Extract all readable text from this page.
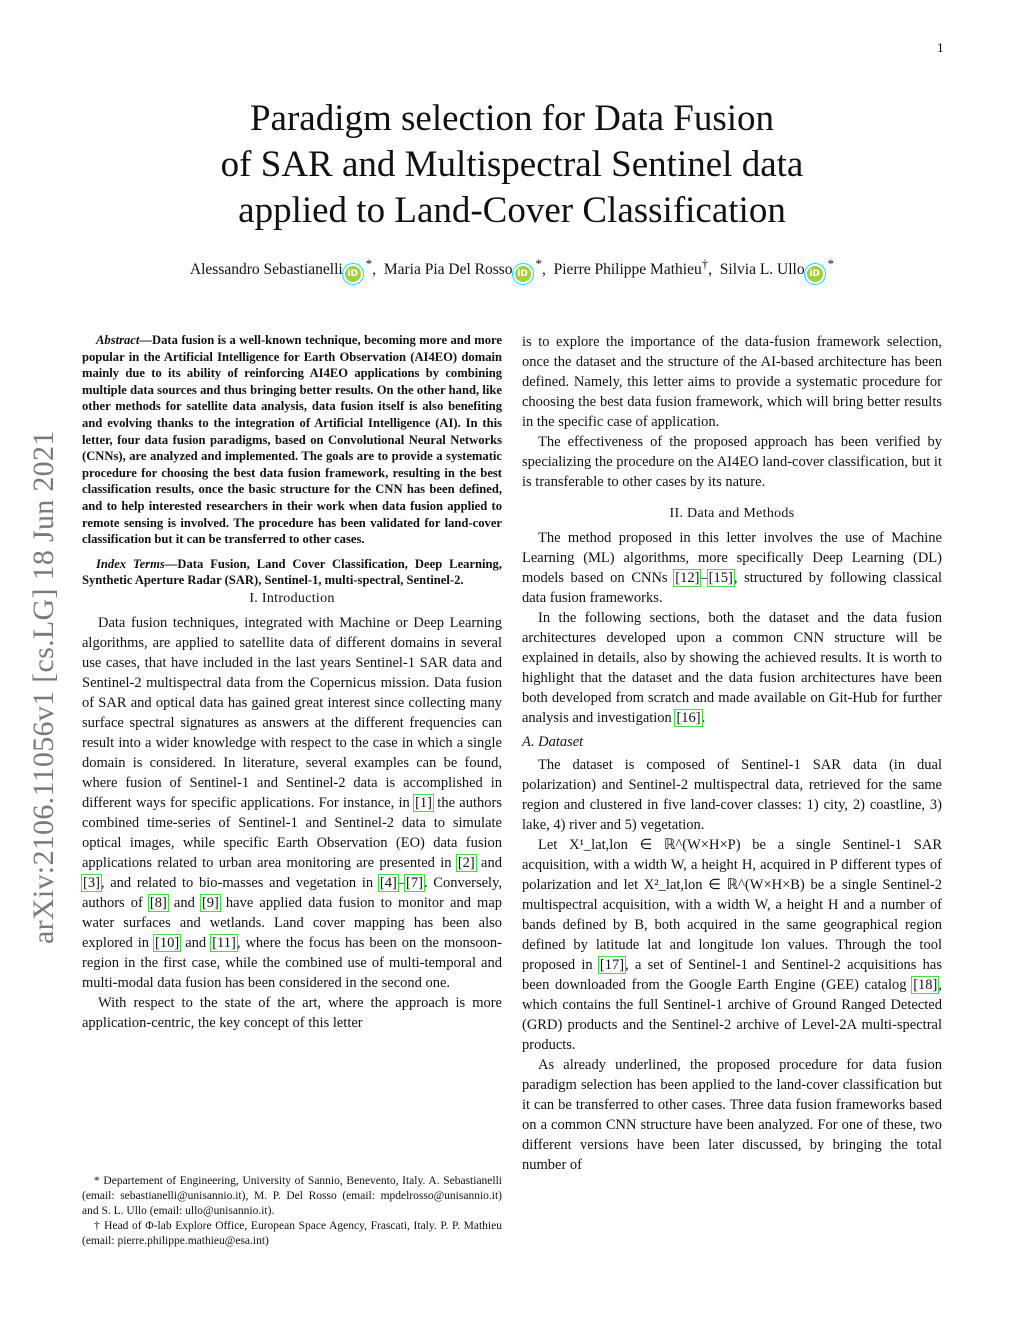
1
arXiv:2106.11056v1 [cs.LG] 18 Jun 2021
Paradigm selection for Data Fusion
of SAR and Multispectral Sentinel data
applied to Land-Cover Classification
Alessandro Sebastianelli iD*,  Maria Pia Del Rosso iD*,  Pierre Philippe Mathieu†,  Silvia L. Ullo iD*

Abstract—Data fusion is a well-known technique, becoming more and more popular in the Artificial Intelligence for Earth Observation (AI4EO) domain mainly due to its ability of reinforcing AI4EO applications by combining multiple data sources and thus bringing better results. On the other hand, like other methods for satellite data analysis, data fusion itself is also benefiting and evolving thanks to the integration of Artificial Intelligence (AI). In this letter, four data fusion paradigms, based on Convolutional Neural Networks (CNNs), are analyzed and implemented. The goals are to provide a systematic procedure for choosing the best data fusion framework, resulting in the best classification results, once the basic structure for the CNN has been defined, and to help interested researchers in their work when data fusion applied to remote sensing is involved. The procedure has been validated for land-cover classification but it can be transferred to other cases.

Index Terms—Data Fusion, Land Cover Classification, Deep Learning, Synthetic Aperture Radar (SAR), Sentinel-1, multi-spectral, Sentinel-2.

I. Introduction

Data fusion techniques, integrated with Machine or Deep Learning algorithms, are applied to satellite data of different domains in several use cases, that have included in the last years Sentinel-1 SAR data and Sentinel-2 multispectral data from the Copernicus mission. Data fusion of SAR and optical data has gained great interest since collecting many surface spectral signatures as answers at the different frequencies can result into a wider knowledge with respect to the case in which a single domain is considered. In literature, several examples can be found, where fusion of Sentinel-1 and Sentinel-2 data is accomplished in different ways for specific applications. For instance, in [1] the authors combined time-series of Sentinel-1 and Sentinel-2 data to simulate optical images, while specific Earth Observation (EO) data fusion applications related to urban area monitoring are presented in [2] and [3], and related to bio-masses and vegetation in [4]–[7]. Conversely, authors of [8] and [9] have applied data fusion to monitor and map water surfaces and wetlands. Land cover mapping has been also explored in [10] and [11], where the focus has been on the monsoon-region in the first case, while the combined use of multi-temporal and multi-modal data fusion has been considered in the second one.

With respect to the state of the art, where the approach is more application-centric, the key concept of this letter

* Departement of Engineering, University of Sannio, Benevento, Italy. A. Sebastianelli (email: sebastianelli@unisannio.it), M. P. Del Rosso (email: mpdelrosso@unisannio.it) and S. L. Ullo (email: ullo@unisannio.it).

† Head of Φ-lab Explore Office, European Space Agency, Frascati, Italy. P. P. Mathieu (email: pierre.philippe.mathieu@esa.int)

is to explore the importance of the data-fusion framework selection, once the dataset and the structure of the AI-based architecture has been defined. Namely, this letter aims to provide a systematic procedure for choosing the best data fusion framework, which will bring better results in the specific case of application.

The effectiveness of the proposed approach has been verified by specializing the procedure on the AI4EO land-cover classification, but it is transferable to other cases by its nature.

II. Data and Methods

The method proposed in this letter involves the use of Machine Learning (ML) algorithms, more specifically Deep Learning (DL) models based on CNNs [12]–[15], structured by following classical data fusion frameworks.

In the following sections, both the dataset and the data fusion architectures developed upon a common CNN structure will be explained in details, also by showing the achieved results. It is worth to highlight that the dataset and the data fusion architectures have been both developed from scratch and made available on Git-Hub for further analysis and investigation [16].

A. Dataset

The dataset is composed of Sentinel-1 SAR data (in dual polarization) and Sentinel-2 multispectral data, retrieved for the same region and clustered in five land-cover classes: 1) city, 2) coastline, 3) lake, 4) river and 5) vegetation.

Let X¹_lat,lon ∈ ℝ^(W×H×P) be a single Sentinel-1 SAR acquisition, with a width W, a height H, acquired in P different types of polarization and let X²_lat,lon ∈ ℝ^(W×H×B) be a single Sentinel-2 multispectral acquisition, with a width W, a height H and a number of bands defined by B, both acquired in the same geographical region defined by latitude lat and longitude lon values. Through the tool proposed in [17], a set of Sentinel-1 and Sentinel-2 acquisitions has been downloaded from the Google Earth Engine (GEE) catalog [18], which contains the full Sentinel-1 archive of Ground Ranged Detected (GRD) products and the Sentinel-2 archive of Level-2A multi-spectral products.

As already underlined, the proposed procedure for data fusion paradigm selection has been applied to the land-cover classification but it can be transferred to other cases. Three data fusion frameworks based on a common CNN structure have been analyzed. For one of these, two different versions have been later discussed, by bringing the total number of
